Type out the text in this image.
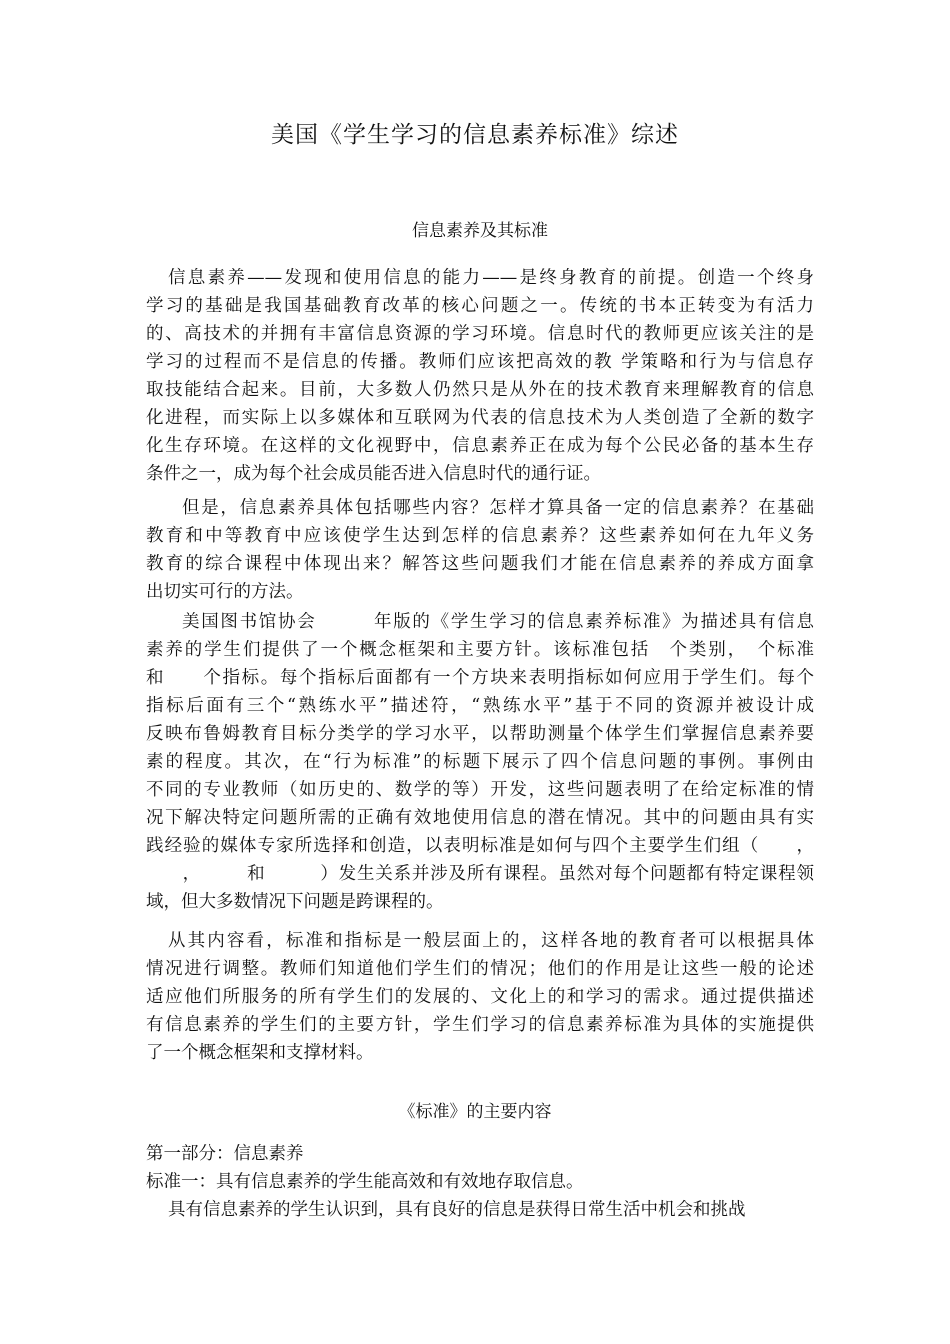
美国《学生学习的信息素养标准》综述
信息素养及其标准
信息素养——发现和使用信息的能力——是终身教育的前提。创造一个终身
学习的基础是我国基础教育改革的核心问题之一。传统的书本正转变为有活力
的、高技术的并拥有丰富信息资源的学习环境。信息时代的教师更应该关注的是
学习的过程而不是信息的传播。教师们应该把高效的教 学策略和行为与信息存
取技能结合起来。目前，大多数人仍然只是从外在的技术教育来理解教育的信息
化进程，而实际上以多媒体和互联网为代表的信息技术为人类创造了全新的数字
化生存环境。在这样的文化视野中，信息素养正在成为每个公民必备的基本生存
条件之一，成为每个社会成员能否进入信息时代的通行证。
但是，信息素养具体包括哪些内容？怎样才算具备一定的信息素养？在基础
教育和中等教育中应该使学生达到怎样的信息素养？这些素养如何在九年义务
教育的综合课程中体现出来？解答这些问题我们才能在信息素养的养成方面拿
出切实可行的方法。
美国图书馆协会　　　年版的《学生学习的信息素养标准》为描述具有信息
素养的学生们提供了一个概念框架和主要方针。该标准包括　个类别，　个标准
和　　个指标。每个指标后面都有一个方块来表明指标如何应用于学生们。每个
指标后面有三个“熟练水平”描述符，“熟练水平”基于不同的资源并被设计成
反映布鲁姆教育目标分类学的学习水平，以帮助测量个体学生们掌握信息素养要
素的程度。其次，在“行为标准”的标题下展示了四个信息问题的事例。事例由
不同的专业教师（如历史的、数学的等）开发，这些问题表明了在给定标准的情
况下解决特定问题所需的正确有效地使用信息的潜在情况。其中的问题由具有实
践经验的媒体专家所选择和创造，以表明标准是如何与四个主要学生们组（　　，
　　，　　　和　　　）发生关系并涉及所有课程。虽然对每个问题都有特定课程领
域，但大多数情况下问题是跨课程的。
从其内容看，标准和指标是一般层面上的，这样各地的教育者可以根据具体
情况进行调整。教师们知道他们学生们的情况；他们的作用是让这些一般的论述
适应他们所服务的所有学生们的发展的、文化上的和学习的需求。通过提供描述
有信息素养的学生们的主要方针，学生们学习的信息素养标准为具体的实施提供
了一个概念框架和支撑材料。
《标准》的主要内容
第一部分：信息素养
标准一：具有信息素养的学生能高效和有效地存取信息。
具有信息素养的学生认识到，具有良好的信息是获得日常生活中机会和挑战
